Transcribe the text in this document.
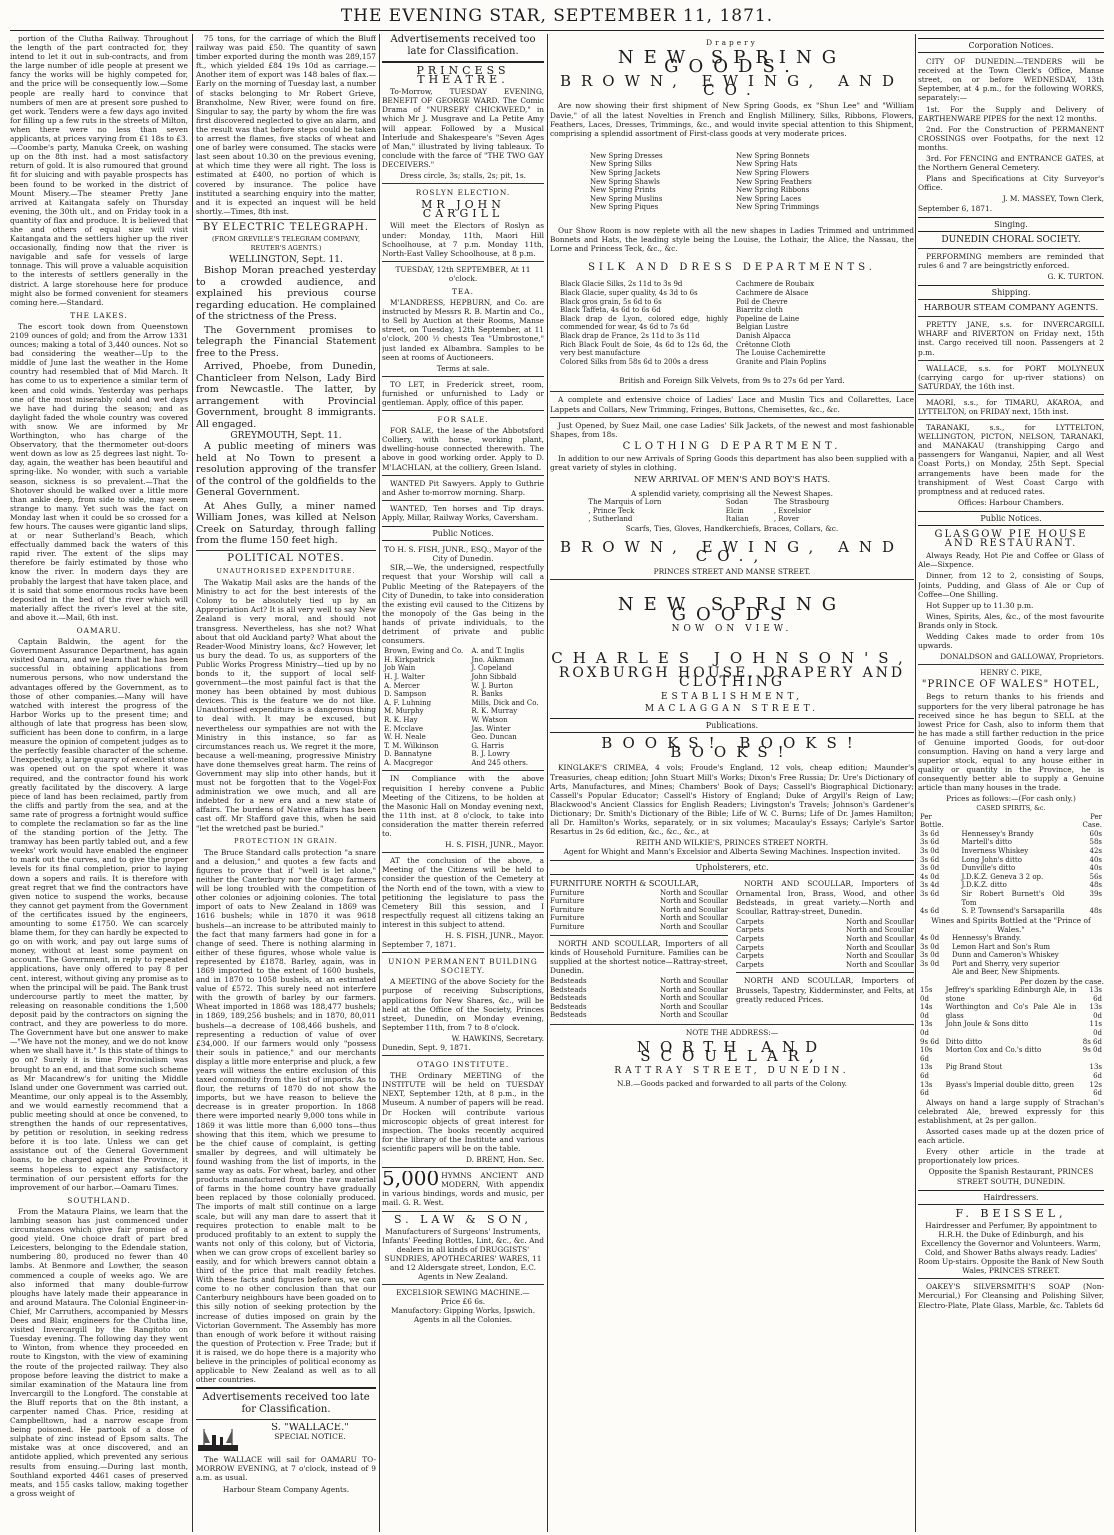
THE EVENING STAR, SEPTEMBER 11, 1871.

portion of the Clutha Railway. Throughout the length of the part contracted for, they intend to let it out in sub-contracts, and from the large number of idle people at present we fancy the works will be highly competed for, and the price will be consequently low.—Some people are really hard to convince that numbers of men are at present sore pushed to get work. Tenders were a few days ago invited for filling up a few ruts in the streets of Milton, when there were no less than seven applicants, at prices varying from £1 18s to £3.—Coombe's party, Manuka Creek, on washing up on the 8th inst. had a most satisfactory return of gold. It is also rumoured that ground fit for sluicing and with payable prospects has been found to be worked in the district of Mount Misery.—The steamer Pretty Jane arrived at Kaitangata safely on Thursday evening, the 30th ult., and on Friday took in a quantity of flax and produce. It is believed that she and others of equal size will visit Kaitangata and the settlers higher up the river occasionally, finding now that the river is navigable and safe for vessels of large tonnage. This will prove a valuable acquisition to the interests of settlers generally in the district. A large storehouse here for produce might also be formed convenient for steamers coming here.—Standard.

THE LAKES.

The escort took down from Queenstown 2109 ounces of gold; and from the Arrow 1331 ounces; making a total of 3,440 ounces. Not so bad considering the weather—Up to the middle of June last the weather in the Home country had resembled that of Mid March. It has come to us to experience a similar term of keen and cold winds. Yesterday was perhaps one of the most miserably cold and wet days we have had during the season; and as daylight faded the whole country was covered with snow. We are informed by Mr Worthington, who has charge of the Observatory, that the thermometer out-doors went down as low as 25 degrees last night. To-day, again, the weather has been beautiful and spring-like. No wonder, with such a variable season, sickness is so prevalent.—That the Shotover should be walked over a little more than ankle deep, from side to side, may seem strange to many. Yet such was the fact on Monday last when it could be so crossed for a few hours. The causes were gigantic land slips, at or near Sutherland's Beach, which effectually dammed back the waters of this rapid river. The extent of the slips may therefore be fairly estimated by those who know the river. In modern days they are probably the largest that have taken place, and it is said that some enormous rocks have been deposited in the bed of the river which will materially affect the river's level at the site, and above it.—Mail, 6th inst.

OAMARU.

Captain Baldwin, the agent for the Government Assurance Department, has again visited Oamaru, and we learn that he has been successful in obtaining applications from numerous persons, who now understand the advantages offered by the Government, as to those of other companies.—Many will have watched with interest the progress of the Harbor Works up to the present time; and although of late that progress has been slow, sufficient has been done to confirm, in a large measure the opinion of competent judges as to the perfectly feasible character of the scheme. Unexpectedly, a large quarry of excellent stone was opened out on the spot where it was required, and the contractor found his work greatly facilitated by the discovery. A large piece of land has been reclaimed, partly from the cliffs and partly from the sea, and at the same rate of progress a fortnight would suffice to complete the reclamation so far as the line of the standing portion of the Jetty. The tramway has been partly tabled out, and a few weeks' work would have enabled the engineer to mark out the curves, and to give the proper levels for its final completion, prior to laying down a sopers and rails. It is therefore with great regret that we find the contractors have given notice to suspend the works, because they cannot get payment from the Government of the certificates issued by the engineers, amounting to some £1750. We can scarcely blame them, for they can hardly be expected to go on with work, and pay out large sums of money, without at least some payment on account. The Government, in reply to repeated applications, have only offered to pay 8 per cent. interest, without giving any promise as to when the principal will be paid. The Bank trust undercourse partly to meet the matter, by releasing on reasonable conditions the 1,500 deposit paid by the contractors on signing the contract, and they are powerless to do more. The Government have but one answer to make—"We have not the money, and we do not know when we shall have it." Is this state of things to go on? Surely it is time Provincialism was brought to an end, and that some such scheme as Mr Macandrew's for uniting the Middle Island under one Government was carried out. Meantime, our only appeal is to the Assembly, and we would earnestly recommend that a public meeting should at once be convened, to strengthen the hands of our representatives, by petition or resolution, in seeking redress before it is too late. Unless we can get assistance out of the General Government loans, to be charged against the Province, it seems hopeless to expect any satisfactory termination of our persistent efforts for the improvement of our harbor.—Oamaru Times.

SOUTHLAND.

From the Mataura Plains, we learn that the lambing season has just commenced under circumstances which give fair promise of a good yield. One choice draft of part bred Leicesters, belonging to the Edendale station, numbering 80, produced no fewer than 40 lambs. At Benmore and Lowther, the season commenced a couple of weeks ago. We are also informed that many double-furrow ploughs have lately made their appearance in and around Mataura. The Colonial Engineer-in-Chief, Mr Carruthers, accompanied by Messrs Dees and Blair, engineers for the Clutha line, visited Invercargill by the Rangitoto on Tuesday evening. The following day they went to Winton, from whence they proceeded en route to Kingston, with the view of examining the route of the projected railway. They also propose before leaving the district to make a similar examination of the Mataura line from Invercargill to the Longford. The constable at the Bluff reports that on the 8th instant, a carpenter named Chas. Price, residing at Campbelltown, had a narrow escape from being poisoned. He partook of a dose of sulphate of zinc instead of Epsom salts. The mistake was at once discovered, and an antidote applied, which prevented any serious results from ensuing.—During last month, Southland exported 4461 cases of preserved meats, and 155 casks tallow, making together a gross weight of

75 tons, for the carriage of which the Bluff railway was paid £50. The quantity of sawn timber exported during the month was 289,157 ft., which yielded £84 19s 10d as carriage.—Another item of export was 148 bales of flax.—Early on the morning of Tuesday last, a number of stacks belonging to Mr Robert Grieve, Branxholme, New River, were found on fire. Singular to say, the party by whom the fire was first discovered neglected to give an alarm, and the result was that before steps could be taken to arrest the flames, five stacks of wheat and one of barley were consumed. The stacks were last seen about 10.30 on the previous evening, at which time they were all right. The loss is estimated at £400, no portion of which is covered by insurance. The police have instituted a searching enquiry into the matter, and it is expected an inquest will be held shortly.—Times, 8th inst.

BY ELECTRIC TELEGRAPH.
(FROM GREVILLE'S TELEGRAM COMPANY, REUTER'S AGENTS.)
WELLINGTON, Sept. 11.

Bishop Moran preached yesterday to a crowded audience, and explained his previous course regarding education. He complained of the strictness of the Press.

The Government promises to telegraph the Financial Statement free to the Press.

Arrived, Phoebe, from Dunedin, Chanticleer from Nelson, Lady Bird from Newcastle. The latter, by arrangement with Provincial Government, brought 8 immigrants. All engaged.

GREYMOUTH, Sept. 11.

A public meeting of miners was held at No Town to present a resolution approving of the transfer of the control of the goldfields to the General Government.

At Ahes Gully, a miner named William Jones, was killed at Nelson Creek on Saturday, through falling from the flume 150 feet high.

POLITICAL NOTES.
UNAUTHORISED EXPENDITURE.

The Wakatip Mail asks are the hands of the Ministry to act for the best interests of the Colony to be absolutely tied up by an Appropriation Act? It is all very well to say New Zealand is very moral, and should not transgress. Nevertheless, has she not? What about that old Auckland party? What about the Reader-Wood Ministry loans, &c? However, let us bury the dead. To us, as supporters of the Public Works Progress Ministry—tied up by no bonds to it, the support of local self-government—the most painful fact is that the money has been obtained by most dubious devices. This is the feature we do not like. Unauthorised expenditure is a dangerous thing to deal with. It may be excused, but nevertheless our sympathies are not with the Ministry in this instance, so far as circumstances reach us. We regret it the more, because a well-meaning, progressive Ministry have done themselves great harm. The reins of Government may slip into other hands, but it must not be forgotten that to the Vogel-Fox administration we owe much, and all are indebted for a new era and a new state of affairs. The burdens of Native affairs has been cast off. Mr Stafford gave this, when he said "let the wretched past be buried."

PROTECTION IN GRAIN.

The Bruce Standard calls protection "a snare and a delusion," and quotes a few facts and figures to prove that if "well is let alone," neither the Canterbury nor the Otago farmers will be long troubled with the competition of other colonies or adjoining colonies. The total import of oats to New Zealand in 1869 was 1616 bushels; while in 1870 it was 9618 bushels—an increase to be attributed mainly to the fact that many farmers had gone in for a change of seed. There is nothing alarming in either of these figures, whose whole value is represented by £1878. Barley, again, was in 1869 imported to the extent of 1600 bushels, and in 1870 to 1058 bushels, at an estimated value of £572. This surely need not interfere with the growth of barley by our farmers. Wheat imported in 1868 was 188,477 bushels; in 1869, 189,256 bushels; and in 1870, 80,011 bushels—a decrease of 108,466 bushels, and representing a reduction of value of over £34,000. If our farmers would only "possess their souls in patience," and our merchants display a little more enterprise and pluck, a few years will witness the entire exclusion of this taxed commodity from the list of imports. As to flour, the returns of 1870 do not show the imports, but we have reason to believe the decrease is in greater proportion. In 1868 there were imported nearly 9,000 tons while in 1869 it was little more than 6,000 tons—thus showing that this item, which we presume to be the chief cause of complaint, is getting smaller by degrees, and will ultimately be found washing from the list of imports, in the same way as oats. For wheat, barley, and other products manufactured from the raw material of farms in the home country have gradually been replaced by those colonially produced. The imports of malt still continue on a large scale, but will any man dare to assert that it requires protection to enable malt to be produced profitably to an extent to supply the wants not only of this colony, but of Victoria, when we can grow crops of excellent barley so easily, and for which brewers cannot obtain a third of the price that malt readily fetches. With these facts and figures before us, we can come to no other conclusion than that our Canterbury neighbours have been goaded on to this silly notion of seeking protection by the increase of duties imposed on grain by the Victorian Government. The Assembly has more than enough of work before it without raising the question of Protection v. Free Trade; but if it is raised, we do hope there is a majority who believe in the principles of political economy as applicable to New Zealand as well as to all other countries.

Advertisements received too late for Classification.
S. "WALLACE."
SPECIAL NOTICE.

The WALLACE will sail for OAMARU TO-MORROW EVENING, at 7 o'clock, instead of 9 a.m. as usual.

Harbour Steam Company Agents.
Advertisements received too late for Classification.
PRINCESS THEATRE.

To-Morrow, TUESDAY EVENING, BENEFIT OF GEORGE WARD. The Comic Drama of "NURSERY CHICKWEED," in which Mr J. Musgrave and La Petite Amy will appear. Followed by a Musical Interlude and Shakespeare's "Seven Ages of Man," illustrated by living tableaux. To conclude with the farce of "THE TWO GAY DECEIVERS."

Dress circle, 3s; stalls, 2s; pit, 1s.
ROSLYN ELECTION.
MR JOHN CARGILL

Will meet the Electors of Roslyn as under: Monday, 11th, Maori Hill Schoolhouse, at 7 p.m. Monday 11th, North-East Valley Schoolhouse, at 8 p.m.

TUESDAY, 12th SEPTEMBER, At 11 o'clock.
TEA.

M'LANDRESS, HEPBURN, and Co. are instructed by Messrs R. B. Martin and Co., to Sell by Auction at their Rooms, Manse street, on Tuesday, 12th September, at 11 o'clock, 200 ½ chests Tea "Umbrostone," just landed ex Albambra. Samples to be seen at rooms of Auctioneers.

Terms at sale.

TO LET, in Frederick street, room, furnished or unfurnished to Lady or gentleman. Apply, office of this paper.

FOR SALE.

FOR SALE, the lease of the Abbotsford Colliery, with horse, working plant, dwelling-house connected therewith. The above in good working order. Apply to D. M'LACHLAN, at the colliery, Green Island.

WANTED Pit Sawyers. Apply to Guthrie and Asher to-morrow morning. Sharp.

WANTED, Ten horses and Tip drays. Apply, Millar, Railway Works, Caversham.

Public Notices.
TO H. S. FISH, JUNR., ESQ., Mayor of the City of Dunedin.

SIR,—We, the undersigned, respectfully request that your Worship will call a Public Meeting of the Ratepayers of the City of Dunedin, to take into consideration the existing evil caused to the Citizens by the monopoly of the Gas being in the hands of private individuals, to the detriment of private and public consumers.

Brown, Ewing and Co.	A. and T. Inglis
H. Kirkpatrick	Jno. Aikman
Job Wain	J. Copeland
H. J. Walter	John Sibbald
A. Mercer	W. J. Burton
D. Sampson	R. Banks
A. F. Luhning	Mills, Dick and Co.
M. Murphy	R. K. Murray
R. K. Hay	W. Watson
E. Mcclave	Jas. Winter
W. H. Neale	Geo. Duncan
T. M. Wilkinson	G. Harris
D. Bannatyne	B. J. Lowry
A. Macgregor	And 245 others.

IN Compliance with the above requisition I hereby convene a Public Meeting of the Citizens, to be holden at the Masonic Hall on Monday evening next, the 11th inst. at 8 o'clock, to take into consideration the matter therein referred to.

H. S. FISH, JUNR., Mayor.

AT the conclusion of the above, a Meeting of the Citizens will be held to consider the question of the Cemetery at the North end of the town, with a view to petitioning the legislature to pass the Cemetery Bill this session, and I respectfully request all citizens taking an interest in this subject to attend.

H. S. FISH, JUNR., Mayor.
September 7, 1871.
UNION PERMANENT BUILDING SOCIETY.

A MEETING of the above Society for the purpose of receiving Subscriptions, applications for New Shares, &c., will be held at the Office of the Society, Princes street, Dunedin, on Monday evening, September 11th, from 7 to 8 o'clock.

W. HAWKINS, Secretary.
Dunedin, Sept. 9, 1871.
OTAGO INSTITUTE.

THE Ordinary MEETING of the INSTITUTE will be held on TUESDAY NEXT, September 12th, at 8 p.m., in the Museum. A number of papers will be read. Dr Hocken will contribute various microscopic objects of great interest for inspection. The books recently acquired for the library of the Institute and various scientific papers will be on the table.

D. BRENT, Hon. Sec.
5,000 HYMNS ANCIENT AND MODERN, With appendix in various bindings, words and music, per mail. G. R. West.
S. LAW & SON,

Manufacturers of Surgeons' Instruments, Infants' Feeding Bottles, Lint, &c., &c. And dealers in all kinds of DRUGGISTS' SUNDRIES, APOTHECARIES' WARES, 11 and 12 Aldersgate street, London, E.C. Agents in New Zealand.

EXCELSIOR SEWING MACHINE.—
Price £6 6s.

Manufactory: Gipping Works, Ipswich. Agents in all the Colonies.

Drapery
NEW SPRING GOODS.
BROWN, EWING, AND CO.

Are now showing their first shipment of New Spring Goods, ex "Shun Lee" and "William Davie," of all the latest Novelties in French and English Millinery, Silks, Ribbons, Flowers, Feathers, Laces, Dresses, Trimmings, &c., and would invite special attention to this Shipment, comprising a splendid assortment of First-class goods at very moderate prices.

New Spring Dresses
New Spring Silks
New Spring Jackets
New Spring Shawls
New Spring Prints
New Spring Muslins
New Spring Piques
New Spring Bonnets
New Spring Hats
New Spring Flowers
New Spring Feathers
New Spring Ribbons
New Spring Laces
New Spring Trimmings

Our Show Room is now replete with all the new shapes in Ladies Trimmed and untrimmed Bonnets and Hats, the leading style being the Louise, the Lothair, the Alice, the Nassau, the Lorne and Princess Teck, &c., &c.

SILK AND DRESS DEPARTMENTS.
Black Glacie Silks, 2s 11d to 3s 9d
Black Glacie, super quality, 4s 3d to 6s
Black gros grain, 5s 6d to 6s
Black Taffeta, 4s 6d to 6s 6d
Black drap de Lyon, colored edge, highly commended for wear, 4s 6d to 7s 6d
Black drap de France, 2s 11d to 3s 11d
Rich Black Foult de Soie, 4s 6d to 12s 6d, the very best manufacture
Colored Silks from 58s 6d to 200s a dress
Cachmere de Roubaix
Cachmere de Alsace
Poil de Chevre
Biarritz cloth
Popeline de Laine
Belgian Lustre
Danish Alpacca
Crêtonne Cloth
The Louise Cachemirette
Granite and Plain Poplins
British and Foreign Silk Velvets, from 9s to 27s 6d per Yard.

A complete and extensive choice of Ladies' Lace and Muslin Tics and Collarettes, Lace Lappets and Collars, New Trimming, Fringes, Buttons, Chemisettes, &c., &c.

Just Opened, by Suez Mail, one case Ladies' Silk Jackets, of the newest and most fashionable Shapes, from 18s.

CLOTHING DEPARTMENT.

In addition to our new Arrivals of Spring Goods this department has also been supplied with a great variety of styles in clothing.

NEW ARRIVAL OF MEN'S AND BOY'S HATS.
A splendid variety, comprising all the Newest Shapes.
The Marquis of Lorn	Sodan	The Strasbourg
, Prince Teck	Elcin	, Excelsior
, Sutherland	Italian	, Rover
Scarfs, Ties, Gloves, Handkerchiefs, Braces, Collars, &c.
BROWN, EWING, AND CO.,
PRINCES STREET AND MANSE STREET.
NEW SPRING GOODS
NOW ON VIEW.
CHARLES JOHNSON'S,
ROXBURGH HOUSE, DRAPERY AND CLOTHING
ESTABLISHMENT,
MACLAGGAN STREET.
Publications.
BOOKS! BOOKS! BOOKS!

KINGLAKE'S CRIMEA, 4 vols; Froude's England, 12 vols, cheap edition; Maunder's Treasuries, cheap edition; John Stuart Mill's Works; Dixon's Free Russia; Dr. Ure's Dictionary of Arts, Manufactures, and Mines; Chambers' Book of Days; Cassell's Biographical Dictionary; Cassell's Popular Educator; Cassell's History of England; Duke of Argyll's Reign of Law; Blackwood's Ancient Classics for English Readers; Livingston's Travels; Johnson's Gardener's Dictionary; Dr. Smith's Dictionary of the Bible; Life of W. C. Burns; Life of Dr. James Hamilton; all Dr. Hamilton's Works, separately, or in six volumes; Macaulay's Essays; Carlyle's Sartor Resartus in 2s 6d edition, &c., &c., &c., at

REITH AND WILKIE'S, PRINCES STREET NORTH.
Agent for Whight and Mann's Excelsior and Alberta Sewing Machines. Inspection invited.
Upholsterers, etc.
FURNITURE NORTH & SCOULLAR,
Furniture	North and Scoullar
Furniture	North and Scoullar
Furniture	North and Scoullar
Furniture	North and Scoullar
Furniture	North and Scoullar

NORTH AND SCOULLAR, Importers of all kinds of Household Furniture. Families can be supplied at the shortest notice—Rattray-street, Dunedin.

Bedsteads	North and Scoullar
Bedsteads	North and Scoullar
Bedsteads	North and Scoullar
Bedsteads	North and Scoullar
Bedsteads	North and Scoullar

NORTH AND SCOULLAR, Importers of Ornamental Iron, Brass, Wood, and other Bedsteads, in great variety.—North and Scoullar, Rattray-street, Dunedin.

Carpets	North and Scoullar
Carpets	North and Scoullar
Carpets	North and Scoullar
Carpets	North and Scoullar
Carpets	North and Scoullar
Carpets	North and Scoullar

NORTH AND SCOULLAR, Importers of Brussels, Tapestry, Kidderminster, and Felts, at greatly reduced Prices.

NOTE THE ADDRESS:—
NORTH AND SCOULLAR,
RATTRAY STREET, DUNEDIN.
N.B.—Goods packed and forwarded to all parts of the Colony.
Corporation Notices.

CITY OF DUNEDIN.—TENDERS will be received at the Town Clerk's Office, Manse street, on or before WEDNESDAY, 13th September, at 4 p.m., for the following WORKS, separately:—

1st. For the Supply and Delivery of EARTHENWARE PIPES for the next 12 months.

2nd. For the Construction of PERMANENT CROSSINGS over Footpaths, for the next 12 months.

3rd. For FENCING and ENTRANCE GATES, at the Northern General Cemetery.

Plans and Specifications at City Surveyor's Office.

J. M. MASSEY, Town Clerk,
September 6, 1871.
Singing.
DUNEDIN CHORAL SOCIETY.

PERFORMING members are reminded that rules 6 and 7 are beingstrictly enforced.

G. K. TURTON.
Shipping.
HARBOUR STEAM COMPANY AGENTS.

PRETTY JANE, s.s. for INVERCARGILL WHARF and RIVERTON on Friday next, 15th inst. Cargo received till noon. Passengers at 2 p.m.

WALLACE, s.s. for PORT MOLYNEUX (carrying cargo for up-river stations) on SATURDAY, the 16th inst.

MAORI, s.s., for TIMARU, AKAROA, and LYTTELTON, on FRIDAY next, 15th inst.

TARANAKI, s.s., for LYTTELTON, WELLINGTON, PICTON, NELSON, TARANAKI, and MANAKAU (transhipping Cargo and passengers for Wanganui, Napier, and all West Coast Ports,) on Monday, 25th Sept. Special arrangements have been made for the transhipment of West Coast Cargo with promptness and at reduced rates.

Offices: Harbour Chambers.
Public Notices.
GLASGOW PIE HOUSE AND RESTAURANT.

Always Ready, Hot Pie and Coffee or Glass of Ale—Sixpence.

Dinner, from 12 to 2, consisting of Soups, Joints, Pudding, and Glass of Ale or Cup of Coffee—One Shilling.

Hot Supper up to 11.30 p.m.

Wines, Spirits, Ales, &c., of the most favourite Brands only in Stock.

Wedding Cakes made to order from 10s upwards.

DONALDSON and GALLOWAY, Proprietors.
HENRY C. PIKE,
"PRINCE OF WALES" HOTEL,

Begs to return thanks to his friends and supporters for the very liberal patronage he has received since he has begun to SELL at the lowest Price for Cash, also to inform them that he has made a still farther reduction in the price of Genuine imported Goods, for out-door consumption. Having on hand a very large and superior stock, equal to any house either in quality or quantity in the Province, he is consequently better able to supply a Genuine article than many houses in the trade.

Prices as follows:—(For cash only.)
CASED SPIRITS, &c.
Per Bottle.		Per Case.
3s 6d	Hennessey's Brandy	60s
3s 6d	Martell's ditto	58s
3s 0d	Inverness Whiskey	42s
3s 6d	Long John's ditto	40s
3s 0d	Dunville's ditto	40s
4s 0d	J.D.K.Z. Geneva 3 2 op.	56s
3s 4d	J.D.K.Z. ditto	48s
3s 6d	Sir Robert Burnett's Old Tom	39s
4s 6d	S. P. Townsend's Sarsaparilla	48s
Wines and Spirits Bottled at the "Prince of Wales."
4s 0d	Hennessy's Brandy.
3s 0d	Lemon Hart and Son's Rum
3s 0d	Dunn and Cameron's Whiskey
3s 0d	Port and Sherry, very superior
	Ale and Beer, New Shipments.
Per dozen by the case.
15s 0d	Jeffrey's sparkling Edinburgh Ale, in stone	13s 6d
14s 0d	Worthington and Co's Pale Ale in glass	13s 0d
13s 0d	John Joule & Sons ditto	11s 0d
9s 6d	Ditto ditto	8s 6d
10s 6d	Morton Cox and Co.'s ditto	9s 0d
13s 6d	Pig Brand Stout	13s 6d
13s 6d	Byass's Imperial double ditto, green	12s 6d

Always on hand a large supply of Strachan's celebrated Ale, brewed expressly for this establishment, at 2s per gallon.

Assorted cases made up at the dozen price of each article.

Every other article in the trade at proportionately low prices.

Opposite the Spanish Restaurant, PRINCES STREET SOUTH, DUNEDIN.
Hairdressers.
F. BEISSEL,

Hairdresser and Perfumer, By appointment to H.R.H. the Duke of Edinburgh, and his Excellency the Governor and Volunteers. Warm, Cold, and Shower Baths always ready. Ladies' Room Up-stairs. Opposite the Bank of New South Wales, PRINCES STREET.

OAKEY'S SILVERSMITH'S SOAP (Non-Mercurial,) For Cleansing and Polishing Silver, Electro-Plate, Plate Glass, Marble, &c. Tablets 6d
